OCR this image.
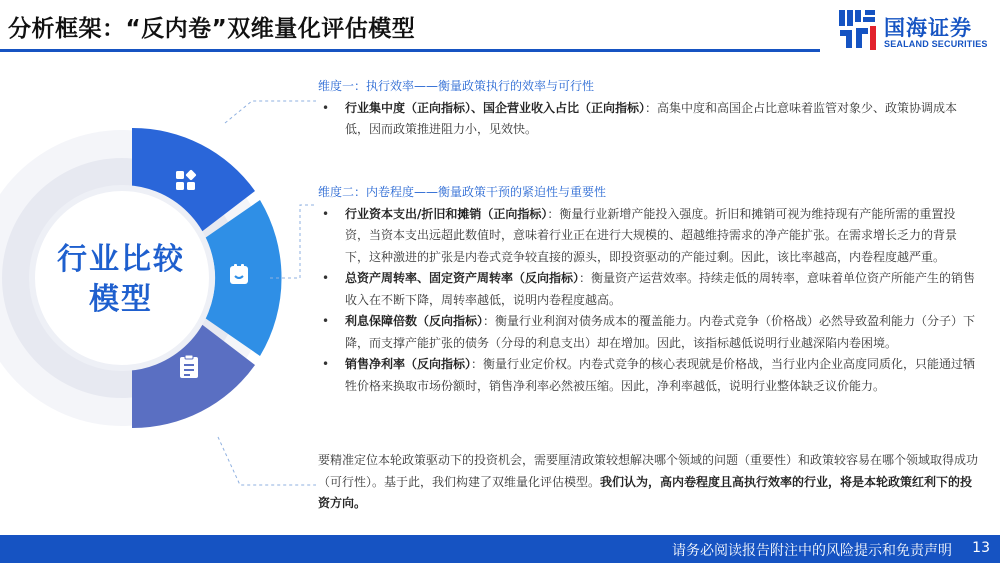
分析框架：“反内卷”双维量化评估模型	国海证券
SEALAND SECURITIES
行业比较
模型
维度一：执行效率——衡量政策执行的效率与可行性
• 行业集中度（正向指标）、国企营业收入占比（正向指标）：高集中度和高国企占比意味着监管对象少、政策协调成本低，因而政策推进阻力小，见效快。
维度二：内卷程度——衡量政策干预的紧迫性与重要性
• 行业资本支出/折旧和摊销（正向指标）：衡量行业新增产能投入强度。折旧和摊销可视为维持现有产能所需的重置投资，当资本支出远超此数值时，意味着行业正在进行大规模的、超越维持需求的净产能扩张。在需求增长乏力的背景下，这种激进的扩张是内卷式竞争较直接的源头，即投资驱动的产能过剩。因此，该比率越高，内卷程度越严重。
• 总资产周转率、固定资产周转率（反向指标）：衡量资产运营效率。持续走低的周转率，意味着单位资产所能产生的销售收入在不断下降，周转率越低，说明内卷程度越高。
• 利息保障倍数（反向指标）：衡量行业利润对债务成本的覆盖能力。内卷式竞争（价格战）必然导致盈利能力（分子）下降，而支撑产能扩张的债务（分母的利息支出）却在增加。因此，该指标越低说明行业越深陷内卷困境。
• 销售净利率（反向指标）：衡量行业定价权。内卷式竞争的核心表现就是价格战，当行业内企业高度同质化，只能通过牺牲价格来换取市场份额时，销售净利率必然被压缩。因此，净利率越低，说明行业整体缺乏议价能力。
要精准定位本轮政策驱动下的投资机会，需要厘清政策较想解决哪个领域的问题（重要性）和政策较容易在哪个领域取得成功（可行性）。基于此，我们构建了双维量化评估模型。我们认为，高内卷程度且高执行效率的行业，将是本轮政策红利下的投资方向。
请务必阅读报告附注中的风险提示和免责声明 13
